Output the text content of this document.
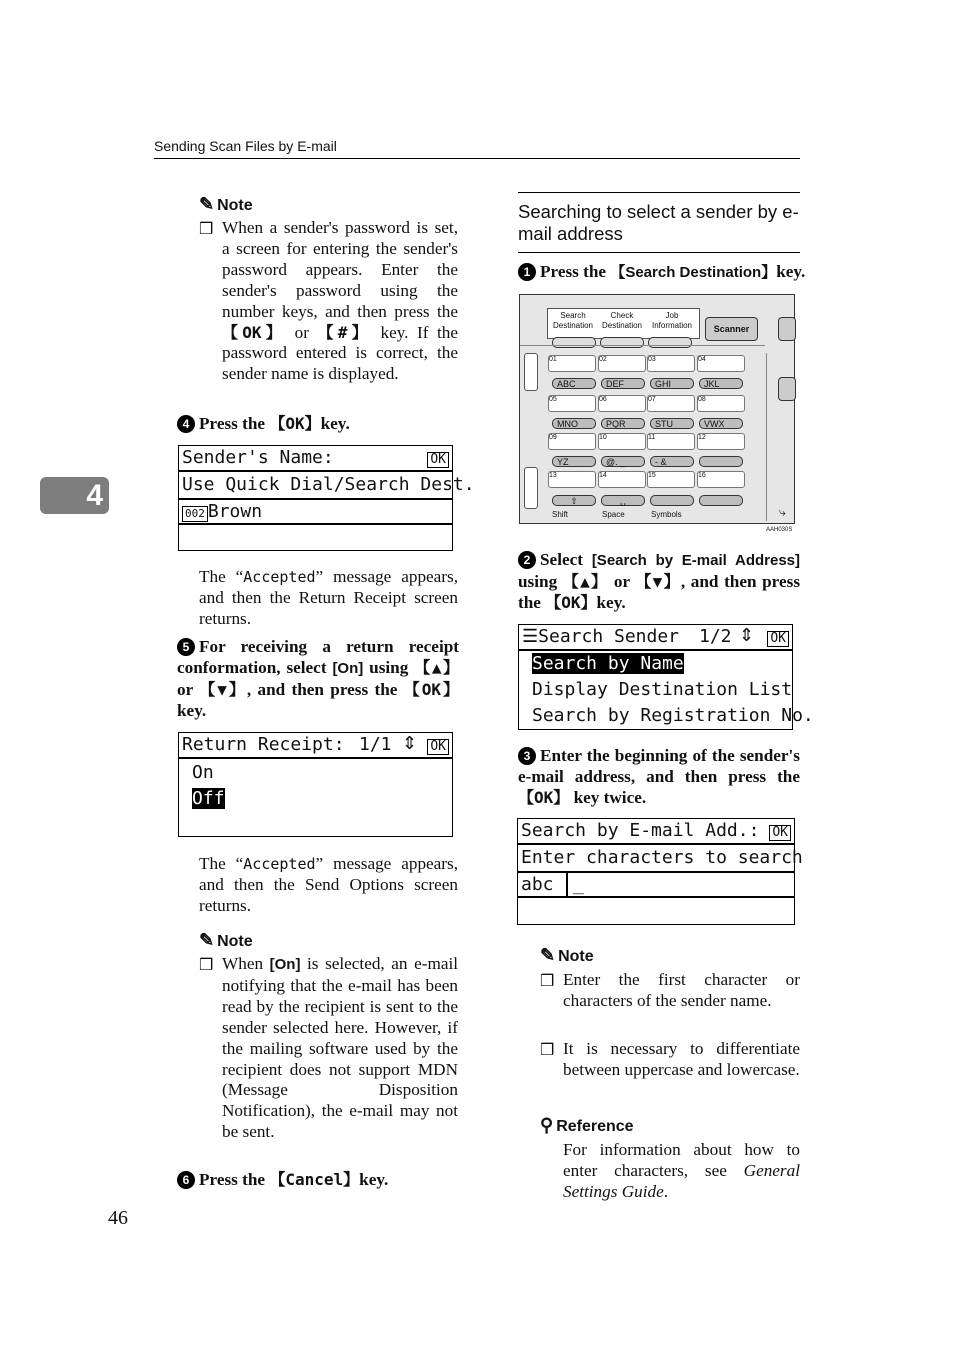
Sending Scan Files by E-mail
4
✎ Note
❒ When a sender's password is set, a screen for entering the sender's password appears. Enter the sender's password using the number keys, and then press the 【OK】 or 【#】 key. If the password entered is correct, the sender name is displayed.
4 Press the 【OK】key.
Sender's Name:	OK
Use Quick Dial/Search Dest.
002 Brown
The “Accepted” message appears, and then the Return Receipt screen returns.
5 For receiving a return receipt conformation, select [On] using 【▲】 or 【▼】, and then press the 【OK】 key.
Return Receipt: 1/1 ⇕ OK
On
Off
The “Accepted” message appears, and then the Send Options screen returns.
✎ Note
❒ When [On] is selected, an e-mail notifying that the e-mail has been read by the recipient is sent to the sender selected here. However, if the mailing software used by the recipient does not support MDN (Message Disposition Notification), the e-mail may not be sent.
6 Press the 【Cancel】key.
Searching to select a sender by e-mail address
1 Press the 【Search Destination】key.
Search Destination
Check Destination
Job Information	Scanner
01	02	03	04
ABC	DEF	GHI	JKL
05	06	07	08
MNO	PQR	STU	VWX
09	10	11	12
YZ	@. _	- &
13	14	15	16
⇧	␣
Shift	Space	Symbols	⤷
AAH030S
2 Select [Search by E-mail Address] using 【▲】 or 【▼】, and then press the 【OK】key.
☰Search Sender	1/2 ⇕ OK
Search by Name
Display Destination List
Search by Registration No.
3 Enter the beginning of the sender's e-mail address, and then press the 【OK】 key twice.
Search by E-mail Add.: OK
Enter characters to search
abc	_
✎ Note
❒ Enter the first character or characters of the sender name.
❒ It is necessary to differentiate between uppercase and lowercase.
⚲ Reference
For information about how to enter characters, see General Settings Guide.
46
